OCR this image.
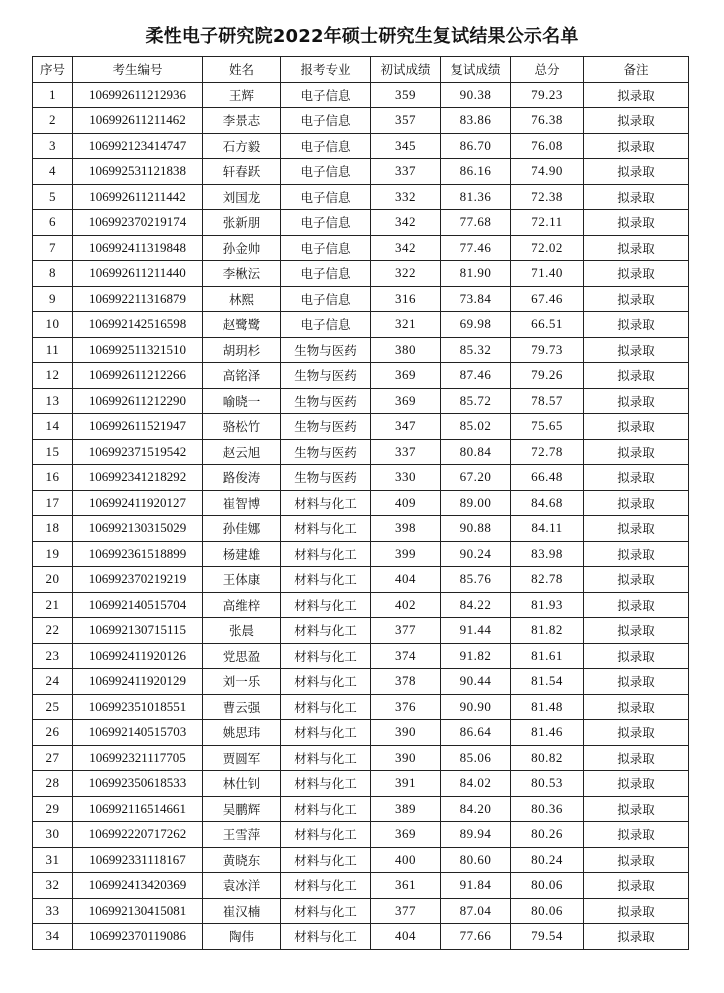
柔性电子研究院2022年硕士研究生复试结果公示名单
序号	考生编号	姓名	报考专业	初试成绩	复试成绩	总分	备注
1	106992611212936	王辉	电子信息	359	90.38	79.23	拟录取
2	106992611211462	李景志	电子信息	357	83.86	76.38	拟录取
3	106992123414747	石方毅	电子信息	345	86.70	76.08	拟录取
4	106992531121838	轩春跃	电子信息	337	86.16	74.90	拟录取
5	106992611211442	刘国龙	电子信息	332	81.36	72.38	拟录取
6	106992370219174	张新朋	电子信息	342	77.68	72.11	拟录取
7	106992411319848	孙金帅	电子信息	342	77.46	72.02	拟录取
8	106992611211440	李楸沄	电子信息	322	81.90	71.40	拟录取
9	106992211316879	林熙	电子信息	316	73.84	67.46	拟录取
10	106992142516598	赵鹭鹭	电子信息	321	69.98	66.51	拟录取
11	106992511321510	胡玥杉	生物与医药	380	85.32	79.73	拟录取
12	106992611212266	高铭泽	生物与医药	369	87.46	79.26	拟录取
13	106992611212290	喻晓一	生物与医药	369	85.72	78.57	拟录取
14	106992611521947	骆松竹	生物与医药	347	85.02	75.65	拟录取
15	106992371519542	赵云旭	生物与医药	337	80.84	72.78	拟录取
16	106992341218292	路俊涛	生物与医药	330	67.20	66.48	拟录取
17	106992411920127	崔智博	材料与化工	409	89.00	84.68	拟录取
18	106992130315029	孙佳娜	材料与化工	398	90.88	84.11	拟录取
19	106992361518899	杨建雄	材料与化工	399	90.24	83.98	拟录取
20	106992370219219	王体康	材料与化工	404	85.76	82.78	拟录取
21	106992140515704	高维梓	材料与化工	402	84.22	81.93	拟录取
22	106992130715115	张晨	材料与化工	377	91.44	81.82	拟录取
23	106992411920126	党思盈	材料与化工	374	91.82	81.61	拟录取
24	106992411920129	刘一乐	材料与化工	378	90.44	81.54	拟录取
25	106992351018551	曹云强	材料与化工	376	90.90	81.48	拟录取
26	106992140515703	姚思玮	材料与化工	390	86.64	81.46	拟录取
27	106992321117705	贾圆军	材料与化工	390	85.06	80.82	拟录取
28	106992350618533	林仕钊	材料与化工	391	84.02	80.53	拟录取
29	106992116514661	吴鹏辉	材料与化工	389	84.20	80.36	拟录取
30	106992220717262	王雪萍	材料与化工	369	89.94	80.26	拟录取
31	106992331118167	黄晓东	材料与化工	400	80.60	80.24	拟录取
32	106992413420369	袁冰洋	材料与化工	361	91.84	80.06	拟录取
33	106992130415081	崔汉楠	材料与化工	377	87.04	80.06	拟录取
34	106992370119086	陶伟	材料与化工	404	77.66	79.54	拟录取
